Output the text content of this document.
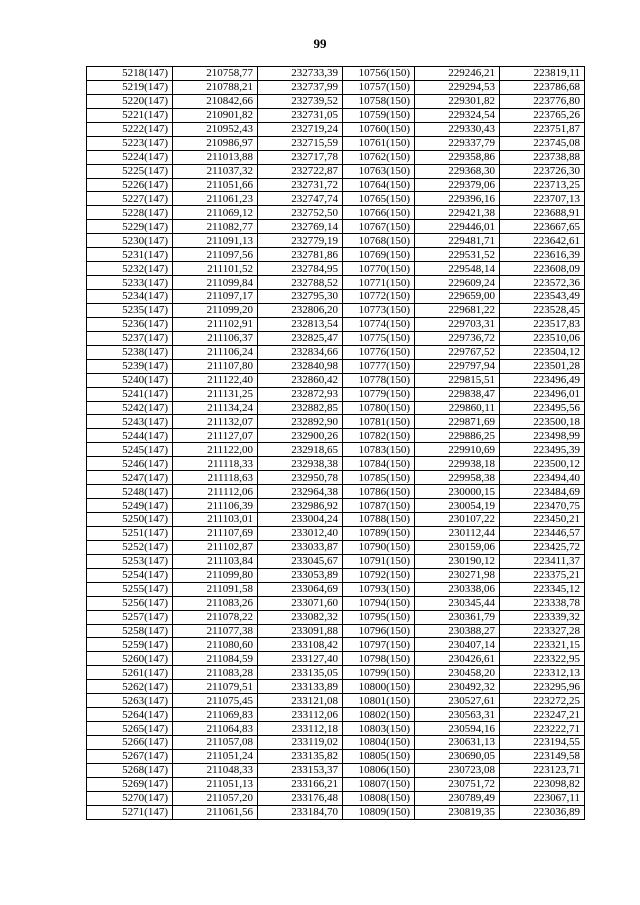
99
5218(147)	210758,77	232733,39	10756(150)	229246,21	223819,11
5219(147)	210788,21	232737,99	10757(150)	229294,53	223786,68
5220(147)	210842,66	232739,52	10758(150)	229301,82	223776,80
5221(147)	210901,82	232731,05	10759(150)	229324,54	223765,26
5222(147)	210952,43	232719,24	10760(150)	229330,43	223751,87
5223(147)	210986,97	232715,59	10761(150)	229337,79	223745,08
5224(147)	211013,88	232717,78	10762(150)	229358,86	223738,88
5225(147)	211037,32	232722,87	10763(150)	229368,30	223726,30
5226(147)	211051,66	232731,72	10764(150)	229379,06	223713,25
5227(147)	211061,23	232747,74	10765(150)	229396,16	223707,13
5228(147)	211069,12	232752,50	10766(150)	229421,38	223688,91
5229(147)	211082,77	232769,14	10767(150)	229446,01	223667,65
5230(147)	211091,13	232779,19	10768(150)	229481,71	223642,61
5231(147)	211097,56	232781,86	10769(150)	229531,52	223616,39
5232(147)	211101,52	232784,95	10770(150)	229548,14	223608,09
5233(147)	211099,84	232788,52	10771(150)	229609,24	223572,36
5234(147)	211097,17	232795,30	10772(150)	229659,00	223543,49
5235(147)	211099,20	232806,20	10773(150)	229681,22	223528,45
5236(147)	211102,91	232813,54	10774(150)	229703,31	223517,83
5237(147)	211106,37	232825,47	10775(150)	229736,72	223510,06
5238(147)	211106,24	232834,66	10776(150)	229767,52	223504,12
5239(147)	211107,80	232840,98	10777(150)	229797,94	223501,28
5240(147)	211122,40	232860,42	10778(150)	229815,51	223496,49
5241(147)	211131,25	232872,93	10779(150)	229838,47	223496,01
5242(147)	211134,24	232882,85	10780(150)	229860,11	223495,56
5243(147)	211132,07	232892,90	10781(150)	229871,69	223500,18
5244(147)	211127,07	232900,26	10782(150)	229886,25	223498,99
5245(147)	211122,00	232918,65	10783(150)	229910,69	223495,39
5246(147)	211118,33	232938,38	10784(150)	229938,18	223500,12
5247(147)	211118,63	232950,78	10785(150)	229958,38	223494,40
5248(147)	211112,06	232964,38	10786(150)	230000,15	223484,69
5249(147)	211106,39	232986,92	10787(150)	230054,19	223470,75
5250(147)	211103,01	233004,24	10788(150)	230107,22	223450,21
5251(147)	211107,69	233012,40	10789(150)	230112,44	223446,57
5252(147)	211102,87	233033,87	10790(150)	230159,06	223425,72
5253(147)	211103,84	233045,67	10791(150)	230190,12	223411,37
5254(147)	211099,80	233053,89	10792(150)	230271,98	223375,21
5255(147)	211091,58	233064,69	10793(150)	230338,06	223345,12
5256(147)	211083,26	233071,60	10794(150)	230345,44	223338,78
5257(147)	211078,22	233082,32	10795(150)	230361,79	223339,32
5258(147)	211077,38	233091,88	10796(150)	230388,27	223327,28
5259(147)	211080,60	233108,42	10797(150)	230407,14	223321,15
5260(147)	211084,59	233127,40	10798(150)	230426,61	223322,95
5261(147)	211083,28	233135,05	10799(150)	230458,20	223312,13
5262(147)	211079,51	233133,89	10800(150)	230492,32	223295,96
5263(147)	211075,45	233121,08	10801(150)	230527,61	223272,25
5264(147)	211069,83	233112,06	10802(150)	230563,31	223247,21
5265(147)	211064,83	233112,18	10803(150)	230594,16	223222,71
5266(147)	211057,08	233119,02	10804(150)	230631,13	223194,55
5267(147)	211051,24	233135,82	10805(150)	230690,05	223149,58
5268(147)	211048,33	233153,37	10806(150)	230723,08	223123,71
5269(147)	211051,13	233166,21	10807(150)	230751,72	223098,82
5270(147)	211057,20	233176,48	10808(150)	230789,49	223067,11
5271(147)	211061,56	233184,70	10809(150)	230819,35	223036,89
